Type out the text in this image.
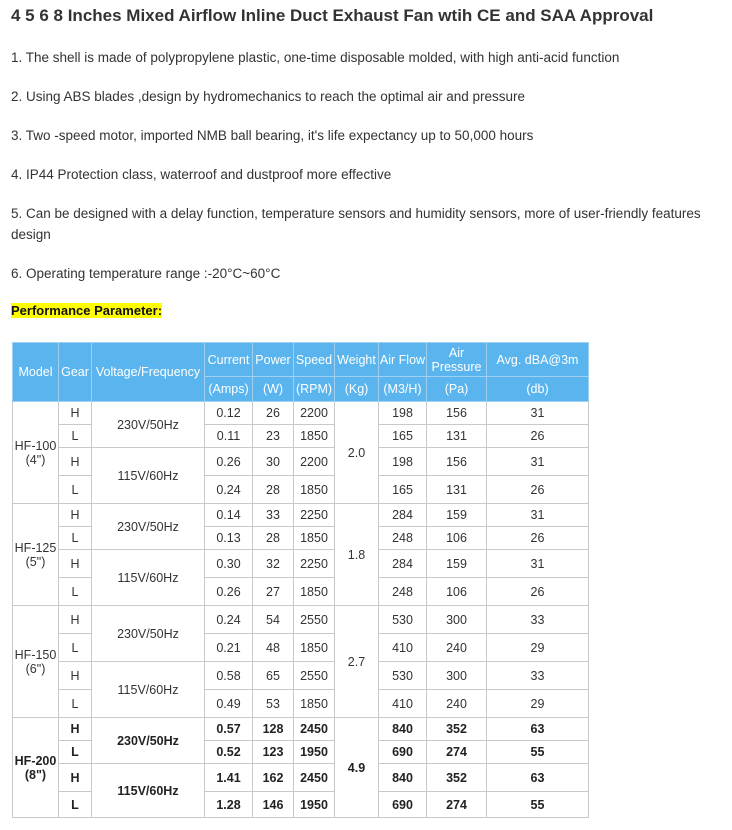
4 5 6 8 Inches Mixed Airflow Inline Duct Exhaust Fan wtih CE and SAA Approval

1. The shell is made of polypropylene plastic, one-time disposable molded, with high anti-acid function

2. Using ABS blades ,design by hydromechanics to reach the optimal air and pressure

3. Two -speed motor, imported NMB ball bearing, it's life expectancy up to 50,000 hours

4. IP44 Protection class, waterroof and dustproof more effective

5. Can be designed with a delay function, temperature sensors and humidity sensors, more of user-friendly features design

6. Operating temperature range :-20°C~60°C

Performance Parameter:

Model	Gear	Voltage/Frequency	Current	Power	Speed	Weight	Air Flow	Air Pressure	Avg. dBA@3m
			(Amps)	(W)	(RPM)	(Kg)	(M3/H)	(Pa)	(db)
HF-100 (4")	H	230V/50Hz	0.12	26	2200	2.0	198	156	31
	L		0.11	23	1850		165	131	26
	H	115V/60Hz	0.26	30	2200		198	156	31
	L		0.24	28	1850		165	131	26
HF-125 (5")	H	230V/50Hz	0.14	33	2250	1.8	284	159	31
	L		0.13	28	1850		248	106	26
	H	115V/60Hz	0.30	32	2250		284	159	31
	L		0.26	27	1850		248	106	26
HF-150 (6")	H	230V/50Hz	0.24	54	2550	2.7	530	300	33
	L		0.21	48	1850		410	240	29
	H	115V/60Hz	0.58	65	2550		530	300	33
	L		0.49	53	1850		410	240	29
HF-200 (8")	H	230V/50Hz	0.57	128	2450	4.9	840	352	63
	L		0.52	123	1950		690	274	55
	H	115V/60Hz	1.41	162	2450		840	352	63
	L		1.28	146	1950		690	274	55
